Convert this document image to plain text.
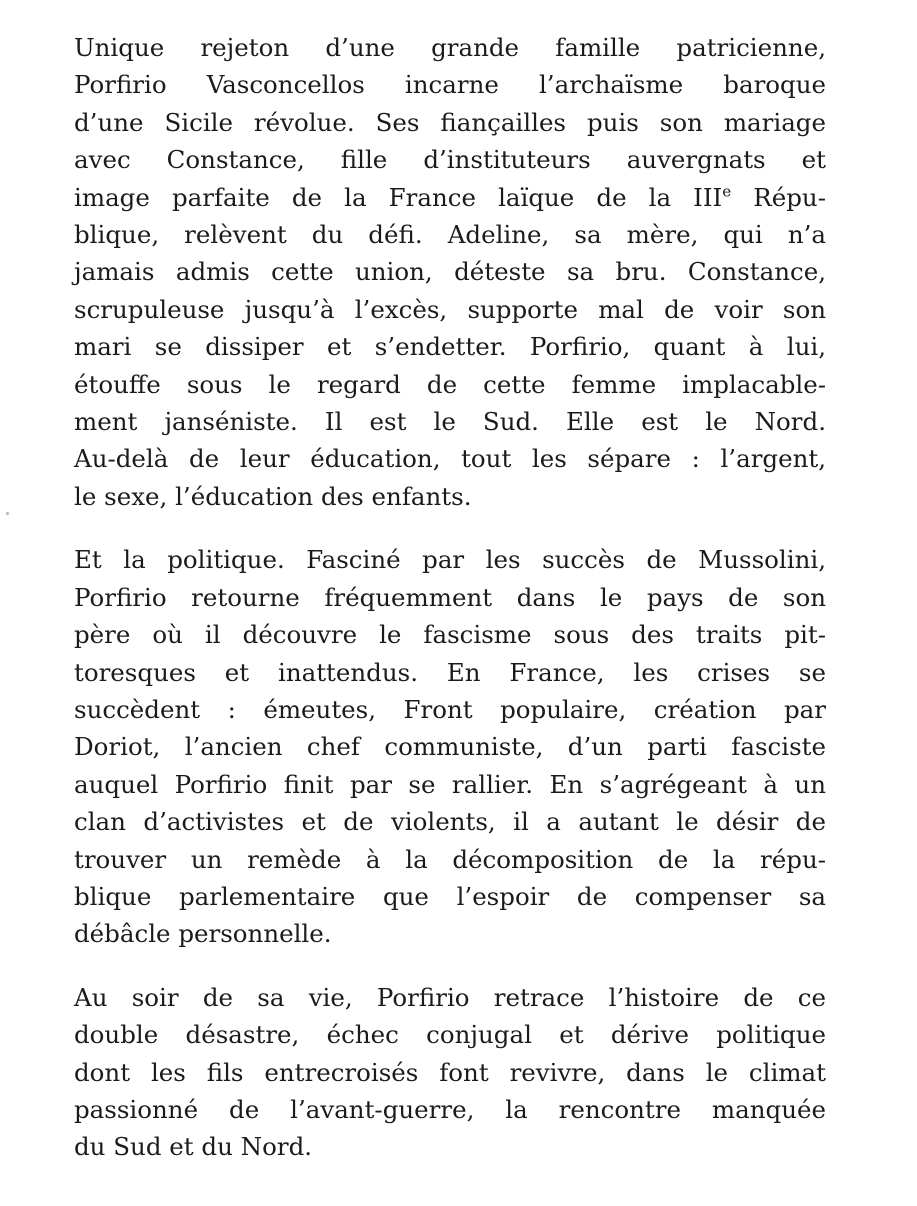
Unique rejeton d’une grande famille patricienne,
Porfirio Vasconcellos incarne l’archaïsme baroque
d’une Sicile révolue. Ses fiançailles puis son mariage
avec Constance, fille d’instituteurs auvergnats et
image parfaite de la France laïque de la IIIe Répu-
blique, relèvent du défi. Adeline, sa mère, qui n’a
jamais admis cette union, déteste sa bru. Constance,
scrupuleuse jusqu’à l’excès, supporte mal de voir son
mari se dissiper et s’endetter. Porfirio, quant à lui,
étouffe sous le regard de cette femme implacable-
ment janséniste. Il est le Sud. Elle est le Nord.
Au-delà de leur éducation, tout les sépare : l’argent,
le sexe, l’éducation des enfants.

Et la politique. Fasciné par les succès de Mussolini,
Porfirio retourne fréquemment dans le pays de son
père où il découvre le fascisme sous des traits pit-
toresques et inattendus. En France, les crises se
succèdent : émeutes, Front populaire, création par
Doriot, l’ancien chef communiste, d’un parti fasciste
auquel Porfirio finit par se rallier. En s’agrégeant à un
clan d’activistes et de violents, il a autant le désir de
trouver un remède à la décomposition de la répu-
blique parlementaire que l’espoir de compenser sa
débâcle personnelle.

Au soir de sa vie, Porfirio retrace l’histoire de ce
double désastre, échec conjugal et dérive politique
dont les fils entrecroisés font revivre, dans le climat
passionné de l’avant-guerre, la rencontre manquée
du Sud et du Nord.
